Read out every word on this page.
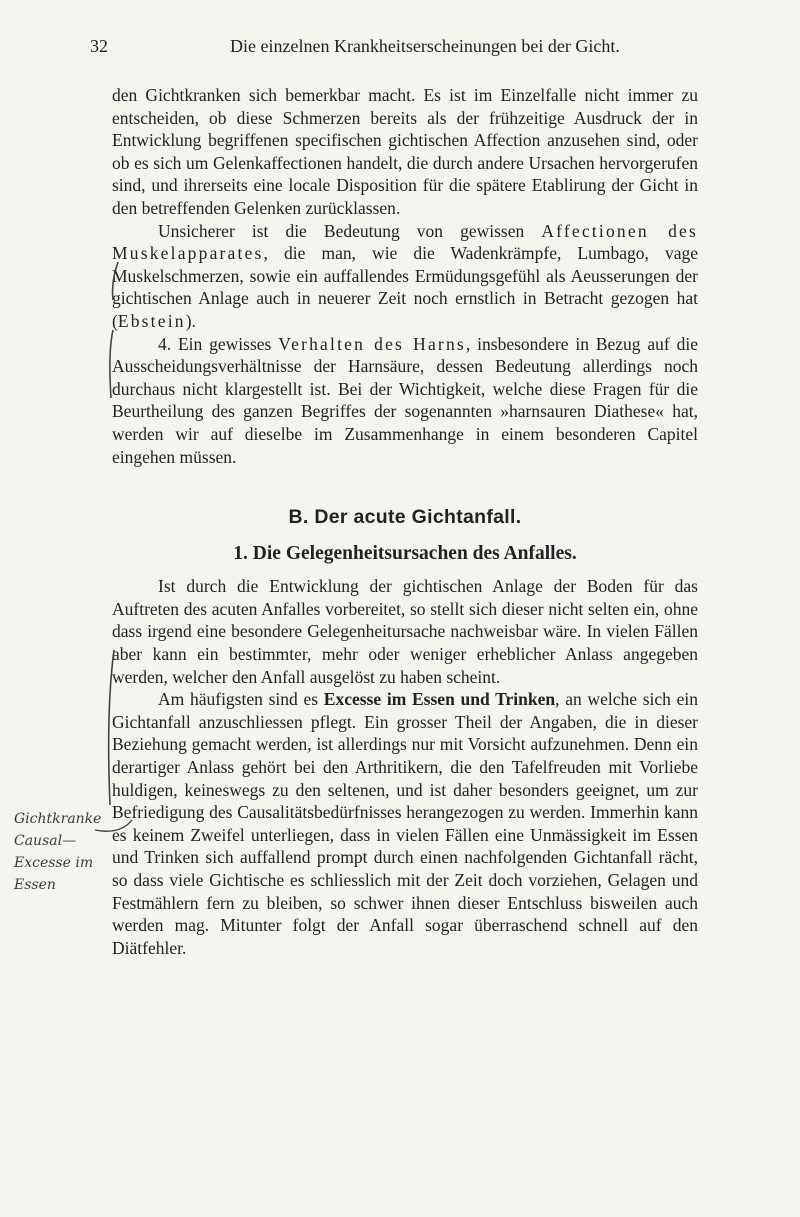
32	Die einzelnen Krankheitserscheinungen bei der Gicht.

den Gichtkranken sich bemerkbar macht. Es ist im Einzelfalle nicht immer zu entscheiden, ob diese Schmerzen bereits als der frühzeitige Ausdruck der in Entwicklung begriffenen specifischen gichtischen Affection anzusehen sind, oder ob es sich um Gelenkaffectionen handelt, die durch andere Ursachen hervorgerufen sind, und ihrerseits eine locale Disposition für die spätere Etablirung der Gicht in den betreffenden Gelenken zurücklassen.

Unsicherer ist die Bedeutung von gewissen Affectionen des Muskelapparates, die man, wie die Wadenkrämpfe, Lumbago, vage Muskelschmerzen, sowie ein auffallendes Ermüdungsgefühl als Aeusserungen der gichtischen Anlage auch in neuerer Zeit noch ernstlich in Betracht gezogen hat (Ebstein).

4. Ein gewisses Verhalten des Harns, insbesondere in Bezug auf die Ausscheidungsverhältnisse der Harnsäure, dessen Bedeutung allerdings noch durchaus nicht klargestellt ist. Bei der Wichtigkeit, welche diese Fragen für die Beurtheilung des ganzen Begriffes der sogenannten »harnsauren Diathese« hat, werden wir auf dieselbe im Zusammenhange in einem besonderen Capitel eingehen müssen.

B. Der acute Gichtanfall.
1. Die Gelegenheitsursachen des Anfalles.

Ist durch die Entwicklung der gichtischen Anlage der Boden für das Auftreten des acuten Anfalles vorbereitet, so stellt sich dieser nicht selten ein, ohne dass irgend eine besondere Gelegenheitursache nachweisbar wäre. In vielen Fällen aber kann ein bestimmter, mehr oder weniger erheblicher Anlass angegeben werden, welcher den Anfall ausgelöst zu haben scheint.

Am häufigsten sind es Excesse im Essen und Trinken, an welche sich ein Gichtanfall anzuschliessen pflegt. Ein grosser Theil der Angaben, die in dieser Beziehung gemacht werden, ist allerdings nur mit Vorsicht aufzunehmen. Denn ein derartiger Anlass gehört bei den Arthritikern, die den Tafelfreuden mit Vorliebe huldigen, keineswegs zu den seltenen, und ist daher besonders geeignet, um zur Befriedigung des Causalitätsbedürfnisses herangezogen zu werden. Immerhin kann es keinem Zweifel unterliegen, dass in vielen Fällen eine Unmässigkeit im Essen und Trinken sich auffallend prompt durch einen nachfolgenden Gichtanfall rächt, so dass viele Gichtische es schliesslich mit der Zeit doch vorziehen, Gelagen und Festmählern fern zu bleiben, so schwer ihnen dieser Entschluss bisweilen auch werden mag. Mitunter folgt der Anfall sogar überraschend schnell auf den Diätfehler.

Gichtkranke
Causal—
Excesse im
Essen
